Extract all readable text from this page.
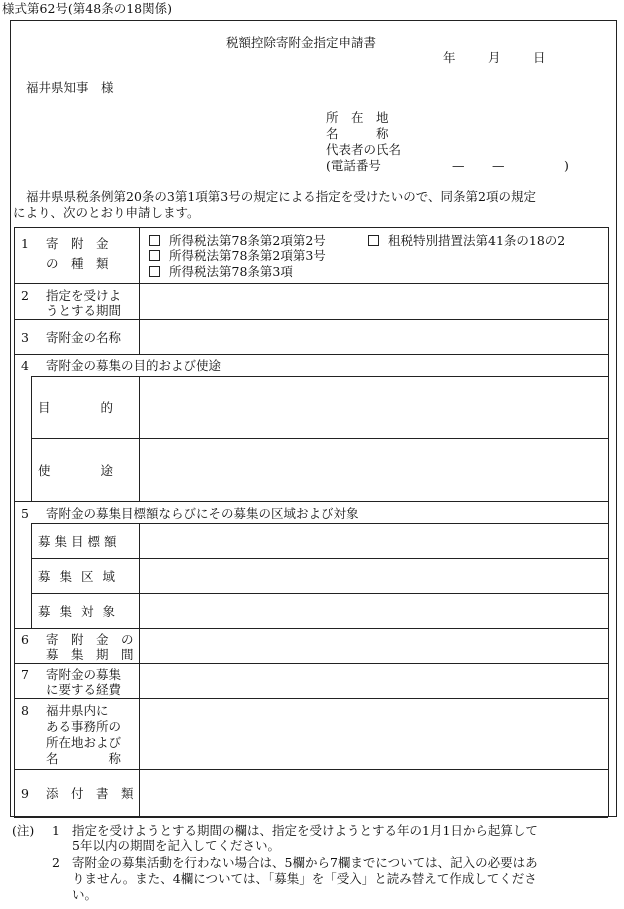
様式第62号(第48条の18関係)
税額控除寄附金指定申請書
年	月	日
福井県知事　様
所　在　地
名　　　称
代表者の氏名
(電話番号	— —	)
福井県県税条例第20条の3第1項第3号の規定による指定を受けたいので、同条第2項の規定
により、次のとおり申請します。
1 寄　附　金
の　種　類
所得税法第78条第2項第2号	租税特別措置法第41条の18の2
所得税法第78条第2項第3号
所得税法第78条第3項
2 指定を受けよ
うとする期間
3 寄附金の名称
4 寄附金の募集の目的および使途
目　　　　的
使　　　　途
5 寄附金の募集目標額ならびにその募集の区域および対象
募集目標額
募集区域
募集対象
6 寄　附　金　の
募　集　期　間
7 寄附金の募集
に要する経費
8 福井県内に
ある事務所の
所在地および
名　　　　称
9 添　付　書　類
(注) 1 指定を受けようとする期間の欄は、指定を受けようとする年の1月1日から起算して
5年以内の期間を記入してください。
2 寄附金の募集活動を行わない場合は、5欄から7欄までについては、記入の必要はあ
りません。また、4欄については、「募集」を「受入」と読み替えて作成してくださ
い。
